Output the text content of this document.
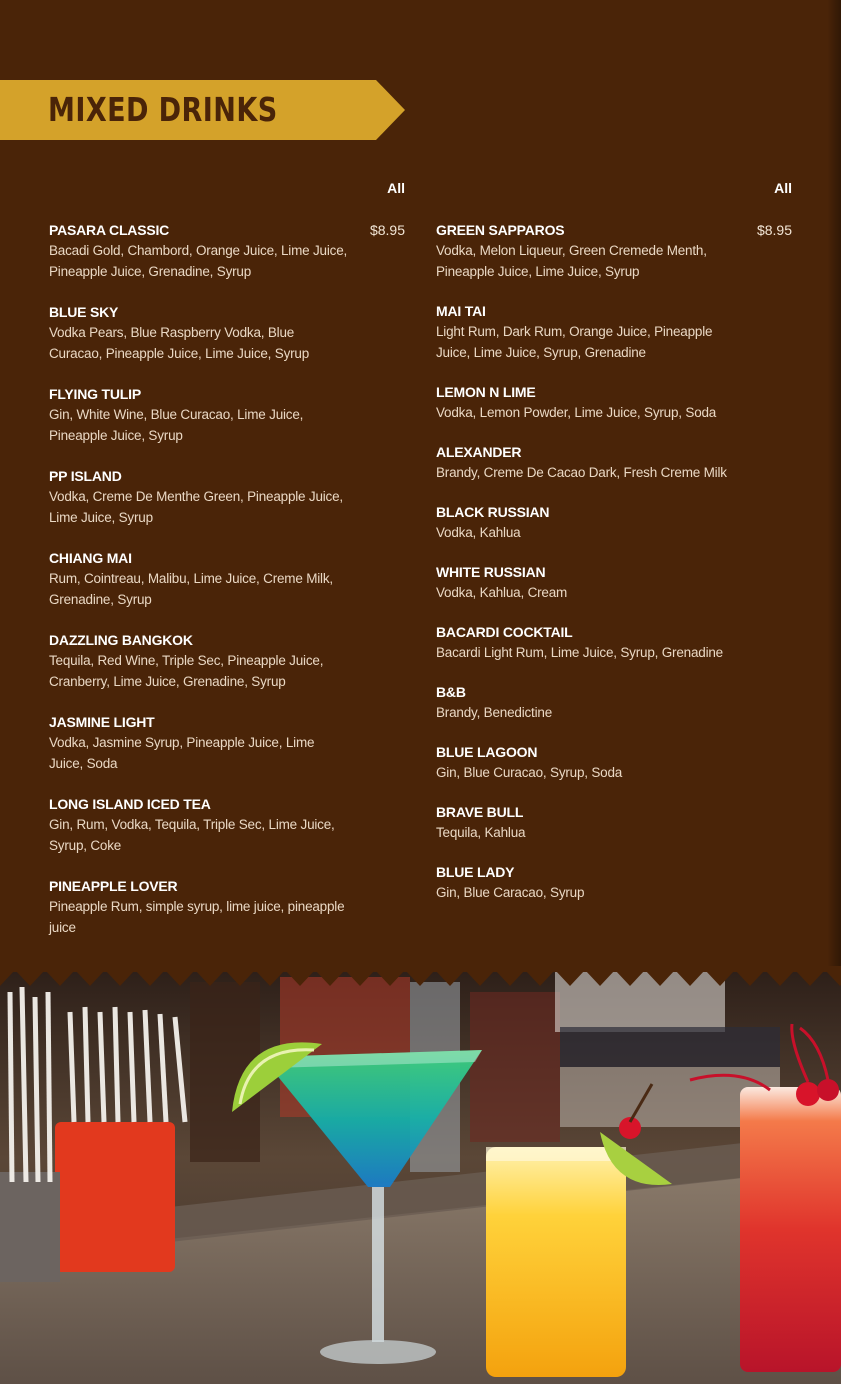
MIXED DRINKS
All
PASARA CLASSIC	$8.95
Bacadi Gold, Chambord, Orange Juice, Lime Juice, Pineapple Juice, Grenadine, Syrup
BLUE SKY
Vodka Pears, Blue Raspberry Vodka, Blue Curacao, Pineapple Juice, Lime Juice, Syrup
FLYING TULIP
Gin, White Wine, Blue Curacao, Lime Juice, Pineapple Juice, Syrup
PP ISLAND
Vodka, Creme De Menthe Green, Pineapple Juice, Lime Juice, Syrup
CHIANG MAI
Rum, Cointreau, Malibu, Lime Juice, Creme Milk, Grenadine, Syrup
DAZZLING BANGKOK
Tequila, Red Wine, Triple Sec, Pineapple Juice, Cranberry, Lime Juice, Grenadine, Syrup
JASMINE LIGHT
Vodka, Jasmine Syrup, Pineapple Juice, Lime Juice, Soda
LONG ISLAND ICED TEA
Gin, Rum, Vodka, Tequila, Triple Sec, Lime Juice, Syrup, Coke
PINEAPPLE LOVER
Pineapple Rum, simple syrup, lime juice, pineapple juice
All
GREEN SAPPAROS	$8.95
Vodka, Melon Liqueur, Green Cremede Menth, Pineapple Juice, Lime Juice, Syrup
MAI TAI
Light Rum, Dark Rum, Orange Juice, Pineapple Juice, Lime Juice, Syrup, Grenadine
LEMON N LIME
Vodka, Lemon Powder, Lime Juice, Syrup, Soda
ALEXANDER
Brandy, Creme De Cacao Dark, Fresh Creme Milk
BLACK RUSSIAN
Vodka, Kahlua
WHITE RUSSIAN
Vodka, Kahlua, Cream
BACARDI COCKTAIL
Bacardi Light Rum, Lime Juice, Syrup, Grenadine
B&B
Brandy, Benedictine
BLUE LAGOON
Gin, Blue Curacao, Syrup, Soda
BRAVE BULL
Tequila, Kahlua
BLUE LADY
Gin, Blue Caracao, Syrup
